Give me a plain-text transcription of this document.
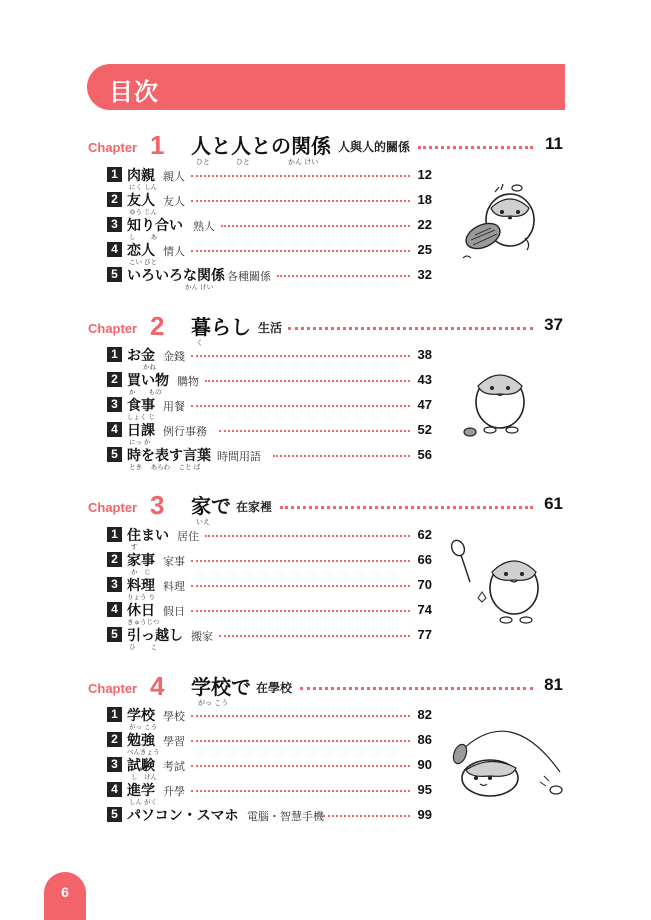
目次
Chapter 1 人と人との関係
ひと	ひと	かん けい
人與人的關係	11
1 肉親
にく しん
親人	12
2 友人
ゆう じん
友人	18
3 知り合い
し　　 あ
熟人	22
4 恋人
こい びと
情人	25
5 いろいろな関係
かん けい
各種關係	32
Chapter 2 暮らし
く
生活	37
1 お金
かね
金錢	38
2 買い物
か　　もの
購物	43
3 食事
しょく じ
用餐	47
4 日課
にっ か
例行事務	52
5 時を表す言葉
とき　 あらわ　 こと ば
時間用語	56
Chapter 3 家で
いえ
在家裡	61
1 住まい
す
居住	62
2 家事
か　じ
家事	66
3 料理
りょう り
料理	70
4 休日
きゅうじつ
假日	74
5 引っ越し
ひ　　 こ
搬家	77
Chapter 4 学校で
がっ こう
在學校	81
1 学校
がっ こう
學校	82
2 勉強
べんきょう
學習	86
3 試験
し　けん
考試	90
4 進学
しん がく
升學	95
5 パソコン・スマホ 電腦・智慧手機	99
6
